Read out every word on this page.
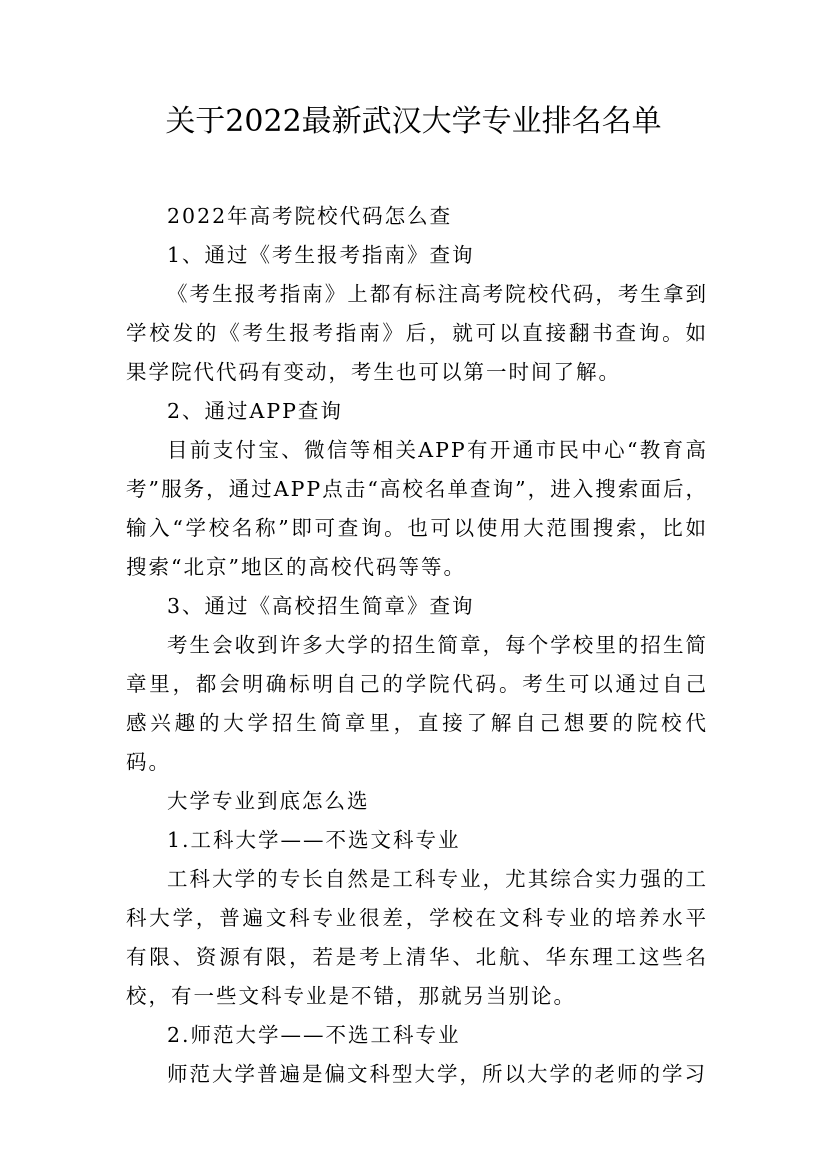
关于2022最新武汉大学专业排名名单

2022年高考院校代码怎么查

1、通过《考生报考指南》查询

《考生报考指南》上都有标注高考院校代码，考生拿到学校发的《考生报考指南》后，就可以直接翻书查询。如果学院代代码有变动，考生也可以第一时间了解。

2、通过APP查询

目前支付宝、微信等相关APP有开通市民中心“教育高考”服务，通过APP点击“高校名单查询”，进入搜索面后，输入“学校名称”即可查询。也可以使用大范围搜索，比如搜索“北京”地区的高校代码等等。

3、通过《高校招生简章》查询

考生会收到许多大学的招生简章，每个学校里的招生简章里，都会明确标明自己的学院代码。考生可以通过自己感兴趣的大学招生简章里，直接了解自己想要的院校代码。

大学专业到底怎么选

1.工科大学——不选文科专业

工科大学的专长自然是工科专业，尤其综合实力强的工科大学，普遍文科专业很差，学校在文科专业的培养水平有限、资源有限，若是考上清华、北航、华东理工这些名校，有一些文科专业是不错，那就另当别论。

2.师范大学——不选工科专业

师范大学普遍是偏文科型大学，所以大学的老师的学习
